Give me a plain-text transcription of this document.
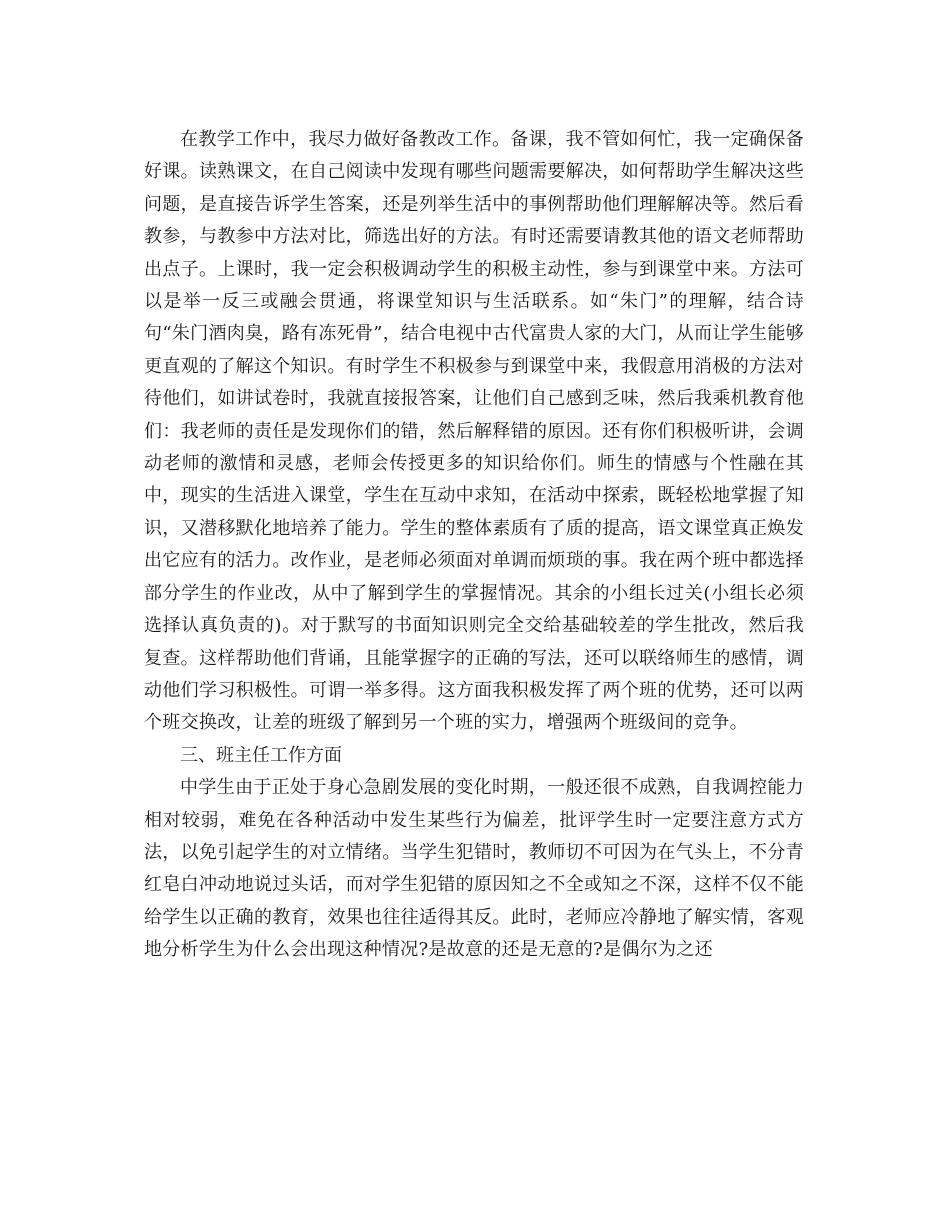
在教学工作中，我尽力做好备教改工作。备课，我不管如何忙，我一定确保备好课。读熟课文，在自己阅读中发现有哪些问题需要解决，如何帮助学生解决这些问题，是直接告诉学生答案，还是列举生活中的事例帮助他们理解解决等。然后看教参，与教参中方法对比，筛选出好的方法。有时还需要请教其他的语文老师帮助出点子。上课时，我一定会积极调动学生的积极主动性，参与到课堂中来。方法可以是举一反三或融会贯通，将课堂知识与生活联系。如“朱门”的理解，结合诗句“朱门酒肉臭，路有冻死骨”，结合电视中古代富贵人家的大门，从而让学生能够更直观的了解这个知识。有时学生不积极参与到课堂中来，我假意用消极的方法对待他们，如讲试卷时，我就直接报答案，让他们自己感到乏味，然后我乘机教育他们：我老师的责任是发现你们的错，然后解释错的原因。还有你们积极听讲，会调动老师的激情和灵感，老师会传授更多的知识给你们。师生的情感与个性融在其中，现实的生活进入课堂，学生在互动中求知，在活动中探索，既轻松地掌握了知识，又潜移默化地培养了能力。学生的整体素质有了质的提高，语文课堂真正焕发出它应有的活力。改作业，是老师必须面对单调而烦琐的事。我在两个班中都选择部分学生的作业改，从中了解到学生的掌握情况。其余的小组长过关(小组长必须选择认真负责的)。对于默写的书面知识则完全交给基础较差的学生批改，然后我复查。这样帮助他们背诵，且能掌握字的正确的写法，还可以联络师生的感情，调动他们学习积极性。可谓一举多得。这方面我积极发挥了两个班的优势，还可以两个班交换改，让差的班级了解到另一个班的实力，增强两个班级间的竞争。

三、班主任工作方面

中学生由于正处于身心急剧发展的变化时期，一般还很不成熟，自我调控能力相对较弱，难免在各种活动中发生某些行为偏差，批评学生时一定要注意方式方法，以免引起学生的对立情绪。当学生犯错时，教师切不可因为在气头上，不分青红皂白冲动地说过头话，而对学生犯错的原因知之不全或知之不深，这样不仅不能给学生以正确的教育，效果也往往适得其反。此时，老师应冷静地了解实情，客观地分析学生为什么会出现这种情况?是故意的还是无意的?是偶尔为之还
